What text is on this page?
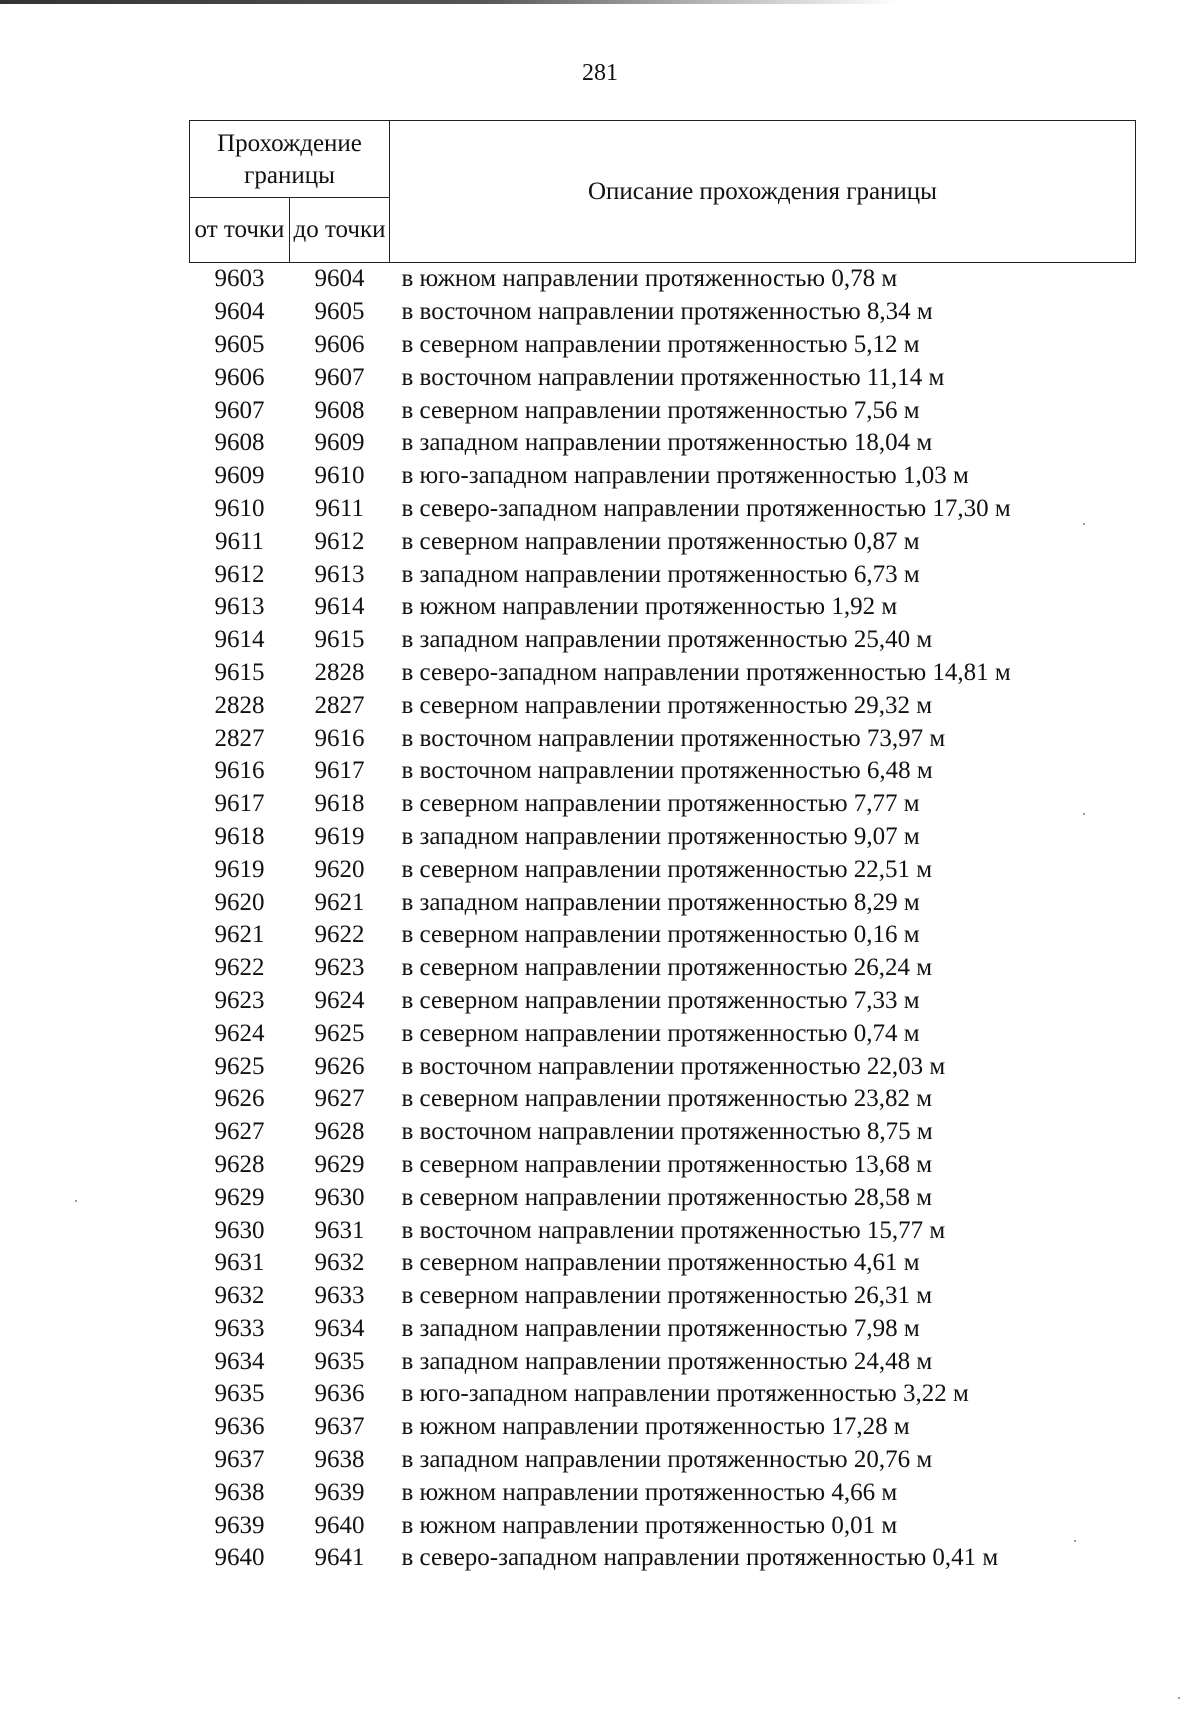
281
Прохождение границы		Описание прохождения границы
от точки	до точки	
9603	9604	в южном направлении протяженностью 0,78 м
9604	9605	в восточном направлении протяженностью 8,34 м
9605	9606	в северном направлении протяженностью 5,12 м
9606	9607	в восточном направлении протяженностью 11,14 м
9607	9608	в северном направлении протяженностью 7,56 м
9608	9609	в западном направлении протяженностью 18,04 м
9609	9610	в юго-западном направлении протяженностью 1,03 м
9610	9611	в северо-западном направлении протяженностью 17,30 м
9611	9612	в северном направлении протяженностью 0,87 м
9612	9613	в западном направлении протяженностью 6,73 м
9613	9614	в южном направлении протяженностью 1,92 м
9614	9615	в западном направлении протяженностью 25,40 м
9615	2828	в северо-западном направлении протяженностью 14,81 м
2828	2827	в северном направлении протяженностью 29,32 м
2827	9616	в восточном направлении протяженностью 73,97 м
9616	9617	в восточном направлении протяженностью 6,48 м
9617	9618	в северном направлении протяженностью 7,77 м
9618	9619	в западном направлении протяженностью 9,07 м
9619	9620	в северном направлении протяженностью 22,51 м
9620	9621	в западном направлении протяженностью 8,29 м
9621	9622	в северном направлении протяженностью 0,16 м
9622	9623	в северном направлении протяженностью 26,24 м
9623	9624	в северном направлении протяженностью 7,33 м
9624	9625	в северном направлении протяженностью 0,74 м
9625	9626	в восточном направлении протяженностью 22,03 м
9626	9627	в северном направлении протяженностью 23,82 м
9627	9628	в восточном направлении протяженностью 8,75 м
9628	9629	в северном направлении протяженностью 13,68 м
9629	9630	в северном направлении протяженностью 28,58 м
9630	9631	в восточном направлении протяженностью 15,77 м
9631	9632	в северном направлении протяженностью 4,61 м
9632	9633	в северном направлении протяженностью 26,31 м
9633	9634	в западном направлении протяженностью 7,98 м
9634	9635	в западном направлении протяженностью 24,48 м
9635	9636	в юго-западном направлении протяженностью 3,22 м
9636	9637	в южном направлении протяженностью 17,28 м
9637	9638	в западном направлении протяженностью 20,76 м
9638	9639	в южном направлении протяженностью 4,66 м
9639	9640	в южном направлении протяженностью 0,01 м
9640	9641	в северо-западном направлении протяженностью 0,41 м
